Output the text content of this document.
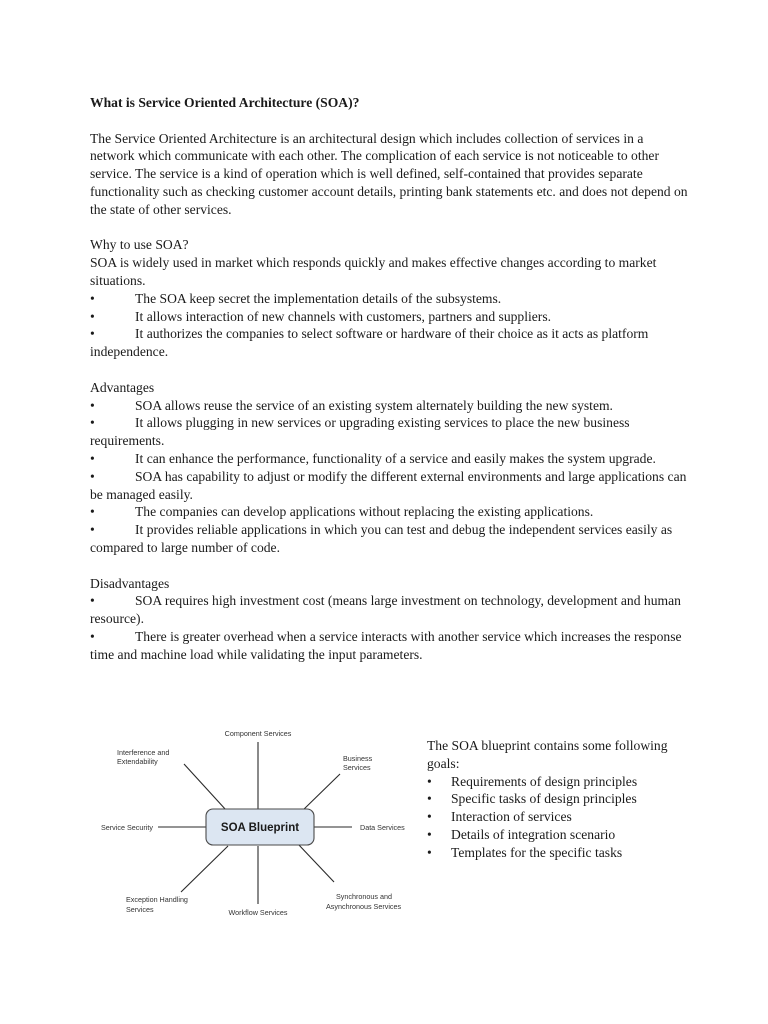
What is Service Oriented Architecture (SOA)?

The Service Oriented Architecture is an architectural design which includes collection of services in a network which communicate with each other. The complication of each service is not noticeable to other service. The service is a kind of operation which is well defined, self-contained that provides separate functionality such as checking customer account details, printing bank statements etc. and does not depend on the state of other services.

Why to use SOA?

SOA is widely used in market which responds quickly and makes effective changes according to market situations.

•	The SOA keep secret the implementation details of the subsystems.

•	It allows interaction of new channels with customers, partners and suppliers.

•	It authorizes the companies to select software or hardware of their choice as it acts as platform independence.

Advantages

•	SOA allows reuse the service of an existing system alternately building the new system.

•	It allows plugging in new services or upgrading existing services to place the new business requirements.

•	It can enhance the performance, functionality of a service and easily makes the system upgrade.

•	SOA has capability to adjust or modify the different external environments and large applications can be managed easily.

•	The companies can develop applications without replacing the existing applications.

•	It provides reliable applications in which you can test and debug the independent services easily as compared to large number of code.

Disadvantages

•	SOA requires high investment cost (means large investment on technology, development and human resource).

•	There is greater overhead when a service interacts with another service which increases the response time and machine load while validating the input parameters.

SOA Blueprint
Component Services
Business
Services
Data Services
Synchronous and
Asynchronous Services
Workflow Services
Exception Handling
Services
Service Security
Interference and
Extendability

The SOA blueprint contains some following goals:

• Requirements of design principles

• Specific tasks of design principles

• Interaction of services

• Details of integration scenario

• Templates for the specific tasks
